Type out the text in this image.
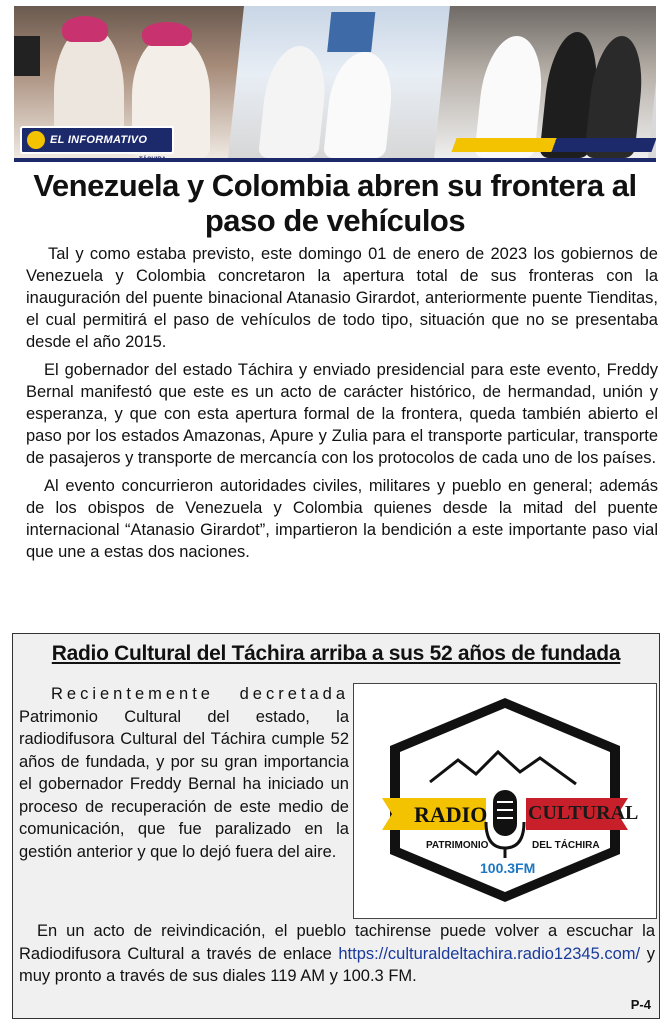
EL INFORMATIVO
TÁCHIRA
Venezuela y Colombia abren su frontera al paso de vehículos

Tal y como estaba previsto, este domingo 01 de enero de 2023 los gobiernos de Venezuela y Colombia concretaron la apertura total de sus fronteras con la inauguración del puente binacional Atanasio Girardot, anteriormente puente Tienditas, el cual permitirá el paso de vehículos de todo tipo, situación que no se presentaba desde el año 2015.

El gobernador del estado Táchira y enviado presidencial para este evento, Freddy Bernal manifestó que este es un acto de carácter histórico, de hermandad, unión y esperanza, y que con esta apertura formal de la frontera, queda también abierto el paso por los estados Amazonas, Apure y Zulia para el transporte particular, transporte de pasajeros y transporte de mercancía con los protocolos de cada uno de los países.

Al evento concurrieron autoridades civiles, militares y pueblo en general; además de los obispos de Venezuela y Colombia quienes desde la mitad del puente internacional “Atanasio Girardot”, impartieron la bendición a este importante paso vial que une a estas dos naciones.

Radio Cultural del Táchira arriba a sus 52 años de fundada

Recientemente decretada Patrimonio Cultural del estado, la radiodifusora Cultural del Táchira cumple 52 años de fundada, y por su gran importancia el gobernador Freddy Bernal ha iniciado un proceso de recuperación de este medio de comunicación, que fue paralizado en la gestión anterior y que lo dejó fuera del aire.

RADIO CULTURAL
PATRIMONIO	DEL TÁCHIRA
100.3FM

En un acto de reivindicación, el pueblo tachirense puede volver a escuchar la Radiodifusora Cultural a través de enlace https://culturaldeltachira.radio12345.com/ y muy pronto a través de sus diales 119 AM y 100.3 FM.

P-4
